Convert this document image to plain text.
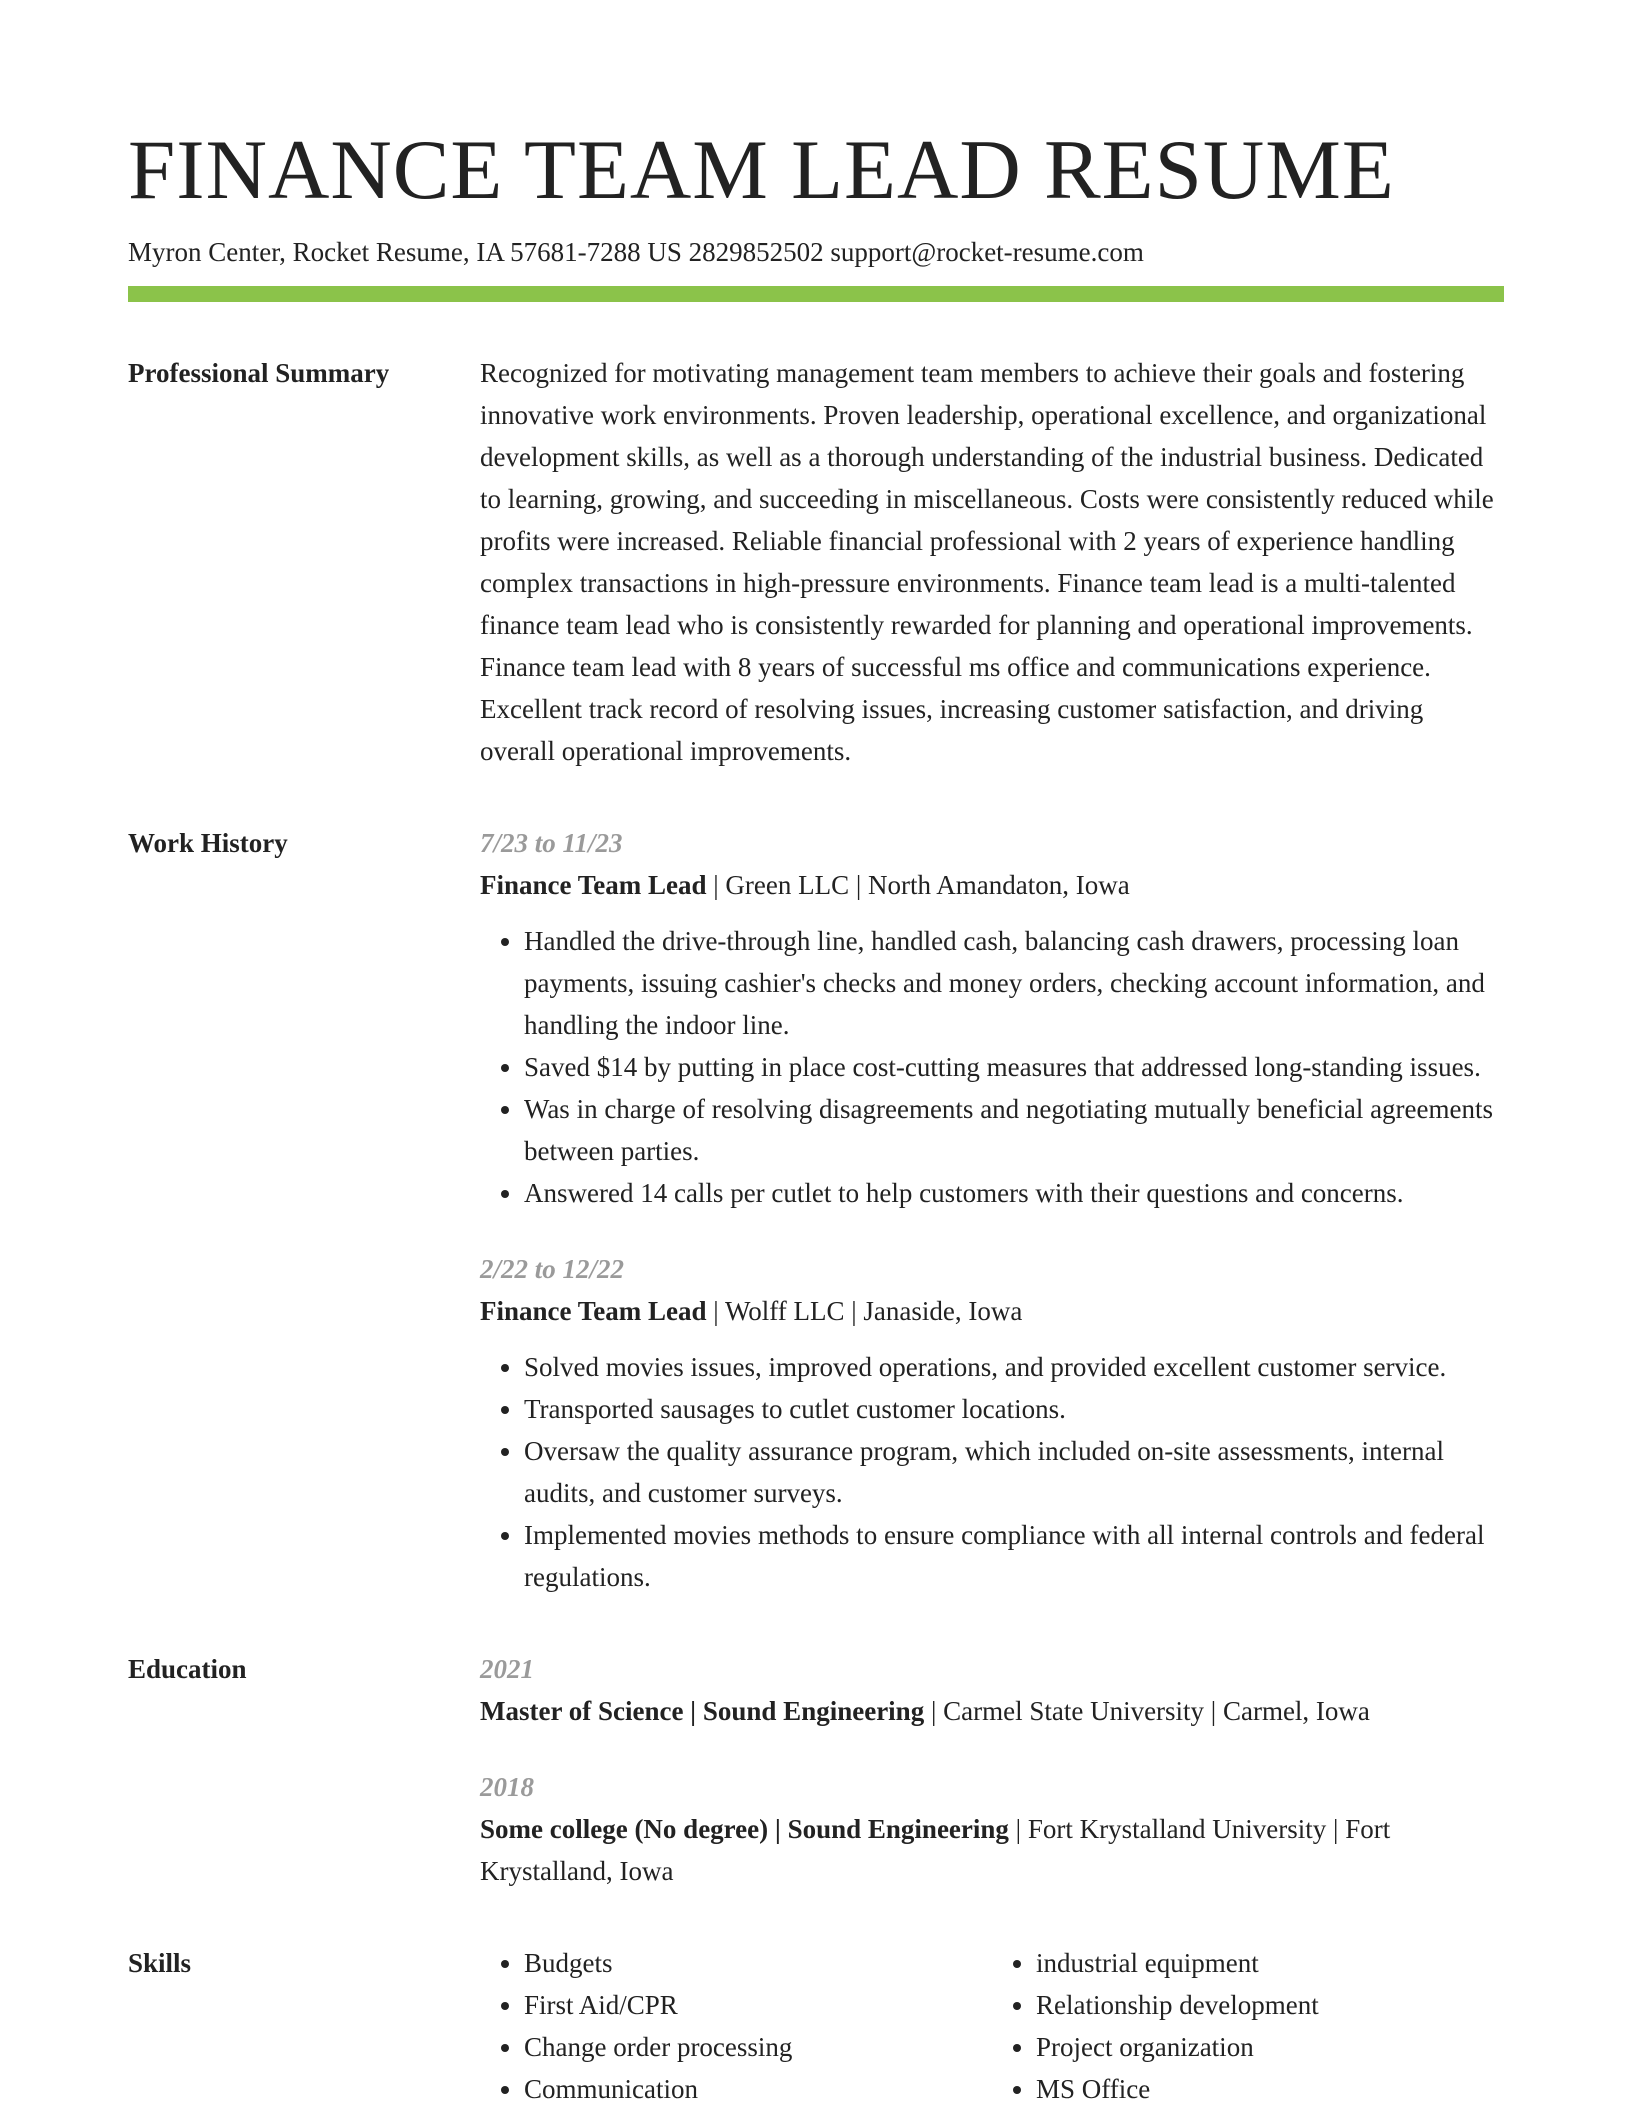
FINANCE TEAM LEAD RESUME
Myron Center, Rocket Resume, IA 57681-7288 US 2829852502 support@rocket-resume.com
Professional Summary	Recognized for motivating management team members to achieve their goals and fostering innovative work environments. Proven leadership, operational excellence, and organizational development skills, as well as a thorough understanding of the industrial business. Dedicated to learning, growing, and succeeding in miscellaneous. Costs were consistently reduced while profits were increased. Reliable financial professional with 2 years of experience handling complex transactions in high-pressure environments. Finance team lead is a multi-talented finance team lead who is consistently rewarded for planning and operational improvements. Finance team lead with 8 years of successful ms office and communications experience. Excellent track record of resolving issues, increasing customer satisfaction, and driving overall operational improvements.

Work History	7/23 to 11/23
Finance Team Lead | Green LLC | North Amandaton, Iowa
• Handled the drive-through line, handled cash, balancing cash drawers, processing loan payments, issuing cashier's checks and money orders, checking account information, and handling the indoor line.
• Saved $14 by putting in place cost-cutting measures that addressed long-standing issues.
• Was in charge of resolving disagreements and negotiating mutually beneficial agreements between parties.
• Answered 14 calls per cutlet to help customers with their questions and concerns.
2/22 to 12/22
Finance Team Lead | Wolff LLC | Janaside, Iowa
• Solved movies issues, improved operations, and provided excellent customer service.
• Transported sausages to cutlet customer locations.
• Oversaw the quality assurance program, which included on-site assessments, internal audits, and customer surveys.
• Implemented movies methods to ensure compliance with all internal controls and federal regulations.
Education	2021
Master of Science | Sound Engineering | Carmel State University | Carmel, Iowa
2018
Some college (No degree) | Sound Engineering | Fort Krystalland University | Fort Krystalland, Iowa
Skills
•	Budgets
• First Aid/CPR
• Change order processing
• Communication
• industrial equipment
• Relationship development
• Project organization
• MS Office
